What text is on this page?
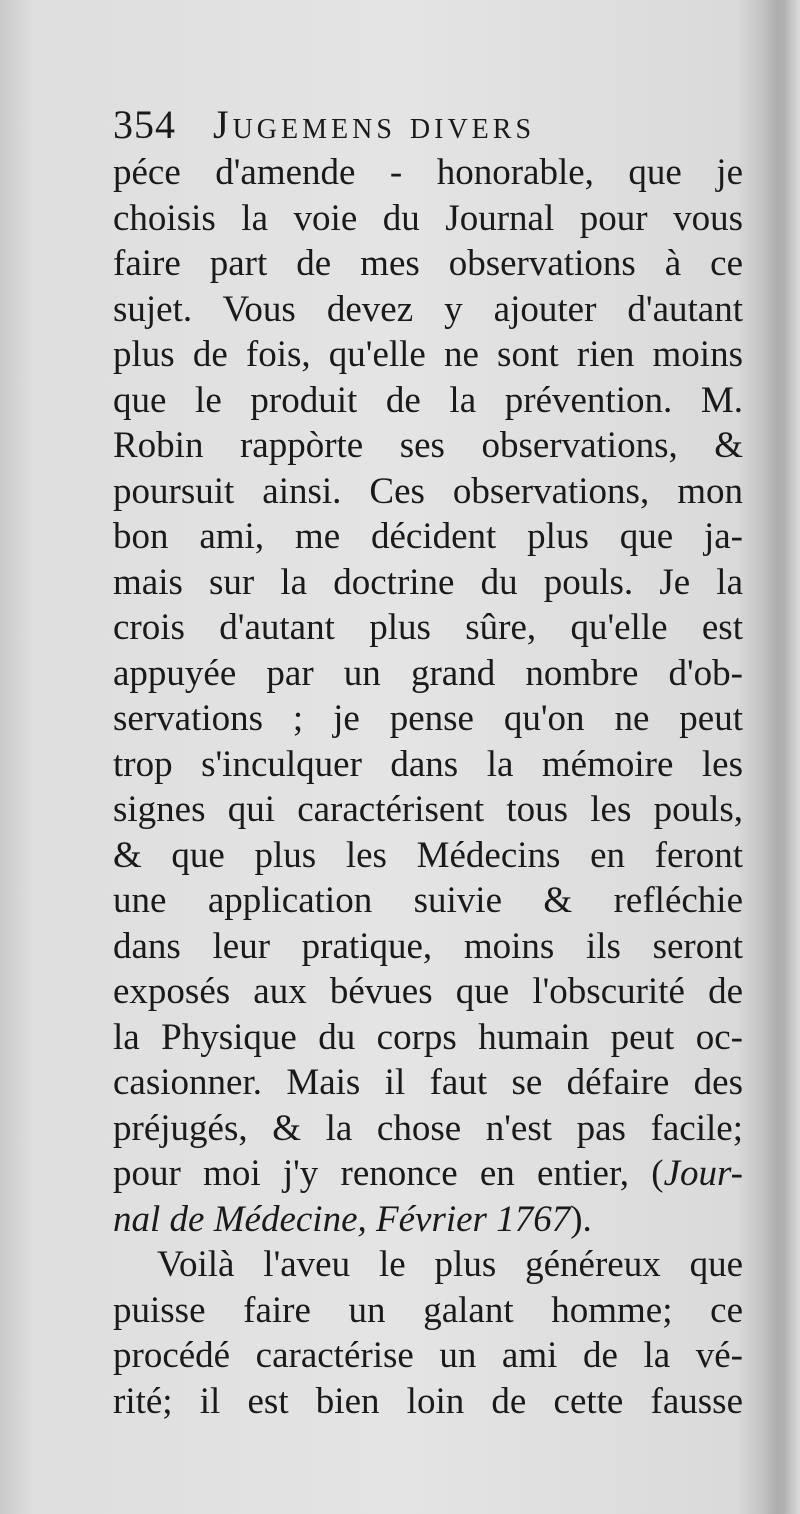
354 Jugemens divers
péce d'amende - honorable, que je
choisis la voie du Journal pour vous
faire part de mes observations à ce
sujet. Vous devez y ajouter d'autant
plus de fois, qu'elle ne sont rien moins
que le produit de la prévention. M.
Robin rappòrte ses observations, &
poursuit ainsi. Ces observations, mon
bon ami, me décident plus que ja-
mais sur la doctrine du pouls. Je la
crois d'autant plus sûre, qu'elle est
appuyée par un grand nombre d'ob-
servations ; je pense qu'on ne peut
trop s'inculquer dans la mémoire les
signes qui caractérisent tous les pouls,
& que plus les Médecins en feront
une application suivie & refléchie
dans leur pratique, moins ils seront
exposés aux bévues que l'obscurité de
la Physique du corps humain peut oc-
casionner. Mais il faut se défaire des
préjugés, & la chose n'est pas facile;
pour moi j'y renonce en entier, (Jour-
nal de Médecine, Février 1767).
Voilà l'aveu le plus généreux que
puisse faire un galant homme; ce
procédé caractérise un ami de la vé-
rité; il est bien loin de cette fausse
